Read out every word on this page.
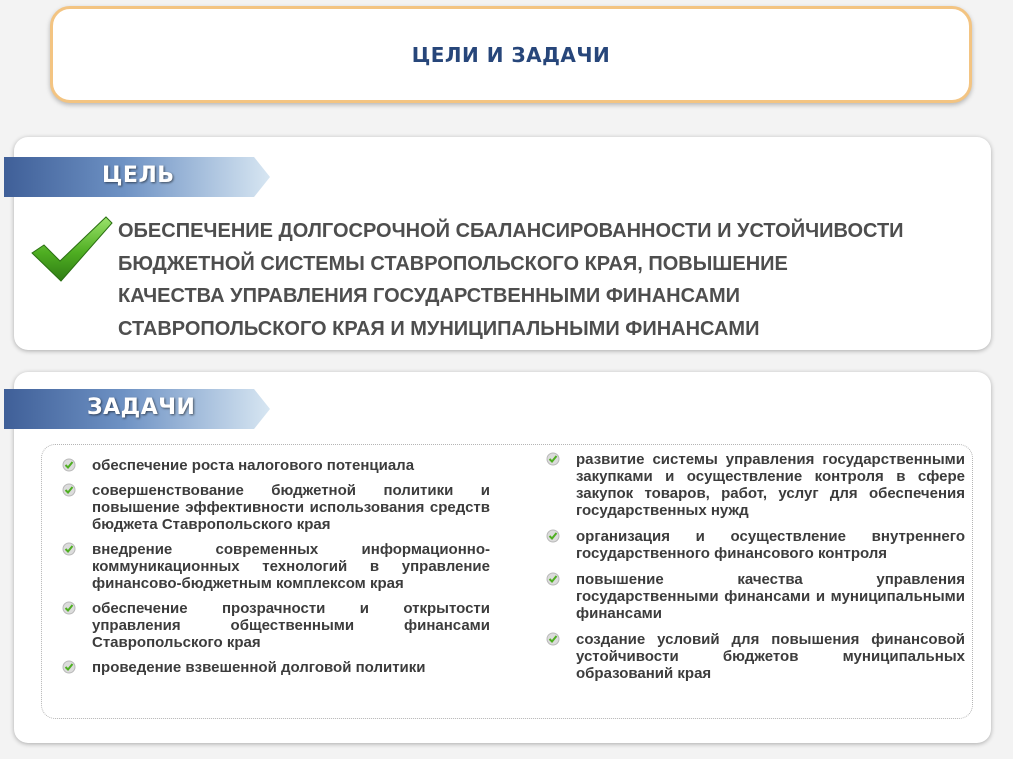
ЦЕЛИ И ЗАДАЧИ
ЦЕЛЬ
ОБЕСПЕЧЕНИЕ ДОЛГОСРОЧНОЙ СБАЛАНСИРОВАННОСТИ И УСТОЙЧИВОСТИ
БЮДЖЕТНОЙ СИСТЕМЫ СТАВРОПОЛЬСКОГО КРАЯ, ПОВЫШЕНИЕ
КАЧЕСТВА УПРАВЛЕНИЯ ГОСУДАРСТВЕННЫМИ ФИНАНСАМИ
СТАВРОПОЛЬСКОГО КРАЯ И МУНИЦИПАЛЬНЫМИ ФИНАНСАМИ
ЗАДАЧИ
обеспечение роста налогового потенциала
совершенствование бюджетной политики и повышение эффективности использования средств бюджета Ставропольского края
внедрение современных информационно-коммуникационных технологий в управление финансово-бюджетным комплексом края
обеспечение прозрачности и открытости управления общественными финансами Ставропольского края
проведение взвешенной долговой политики
развитие системы управления государственными закупками и осуществление контроля в сфере закупок товаров, работ, услуг для обеспечения государственных нужд
организация и осуществление внутреннего государственного финансового контроля
повышение качества управления государственными финансами и муниципальными финансами
создание условий для повышения финансовой устойчивости бюджетов муниципальных образований края
